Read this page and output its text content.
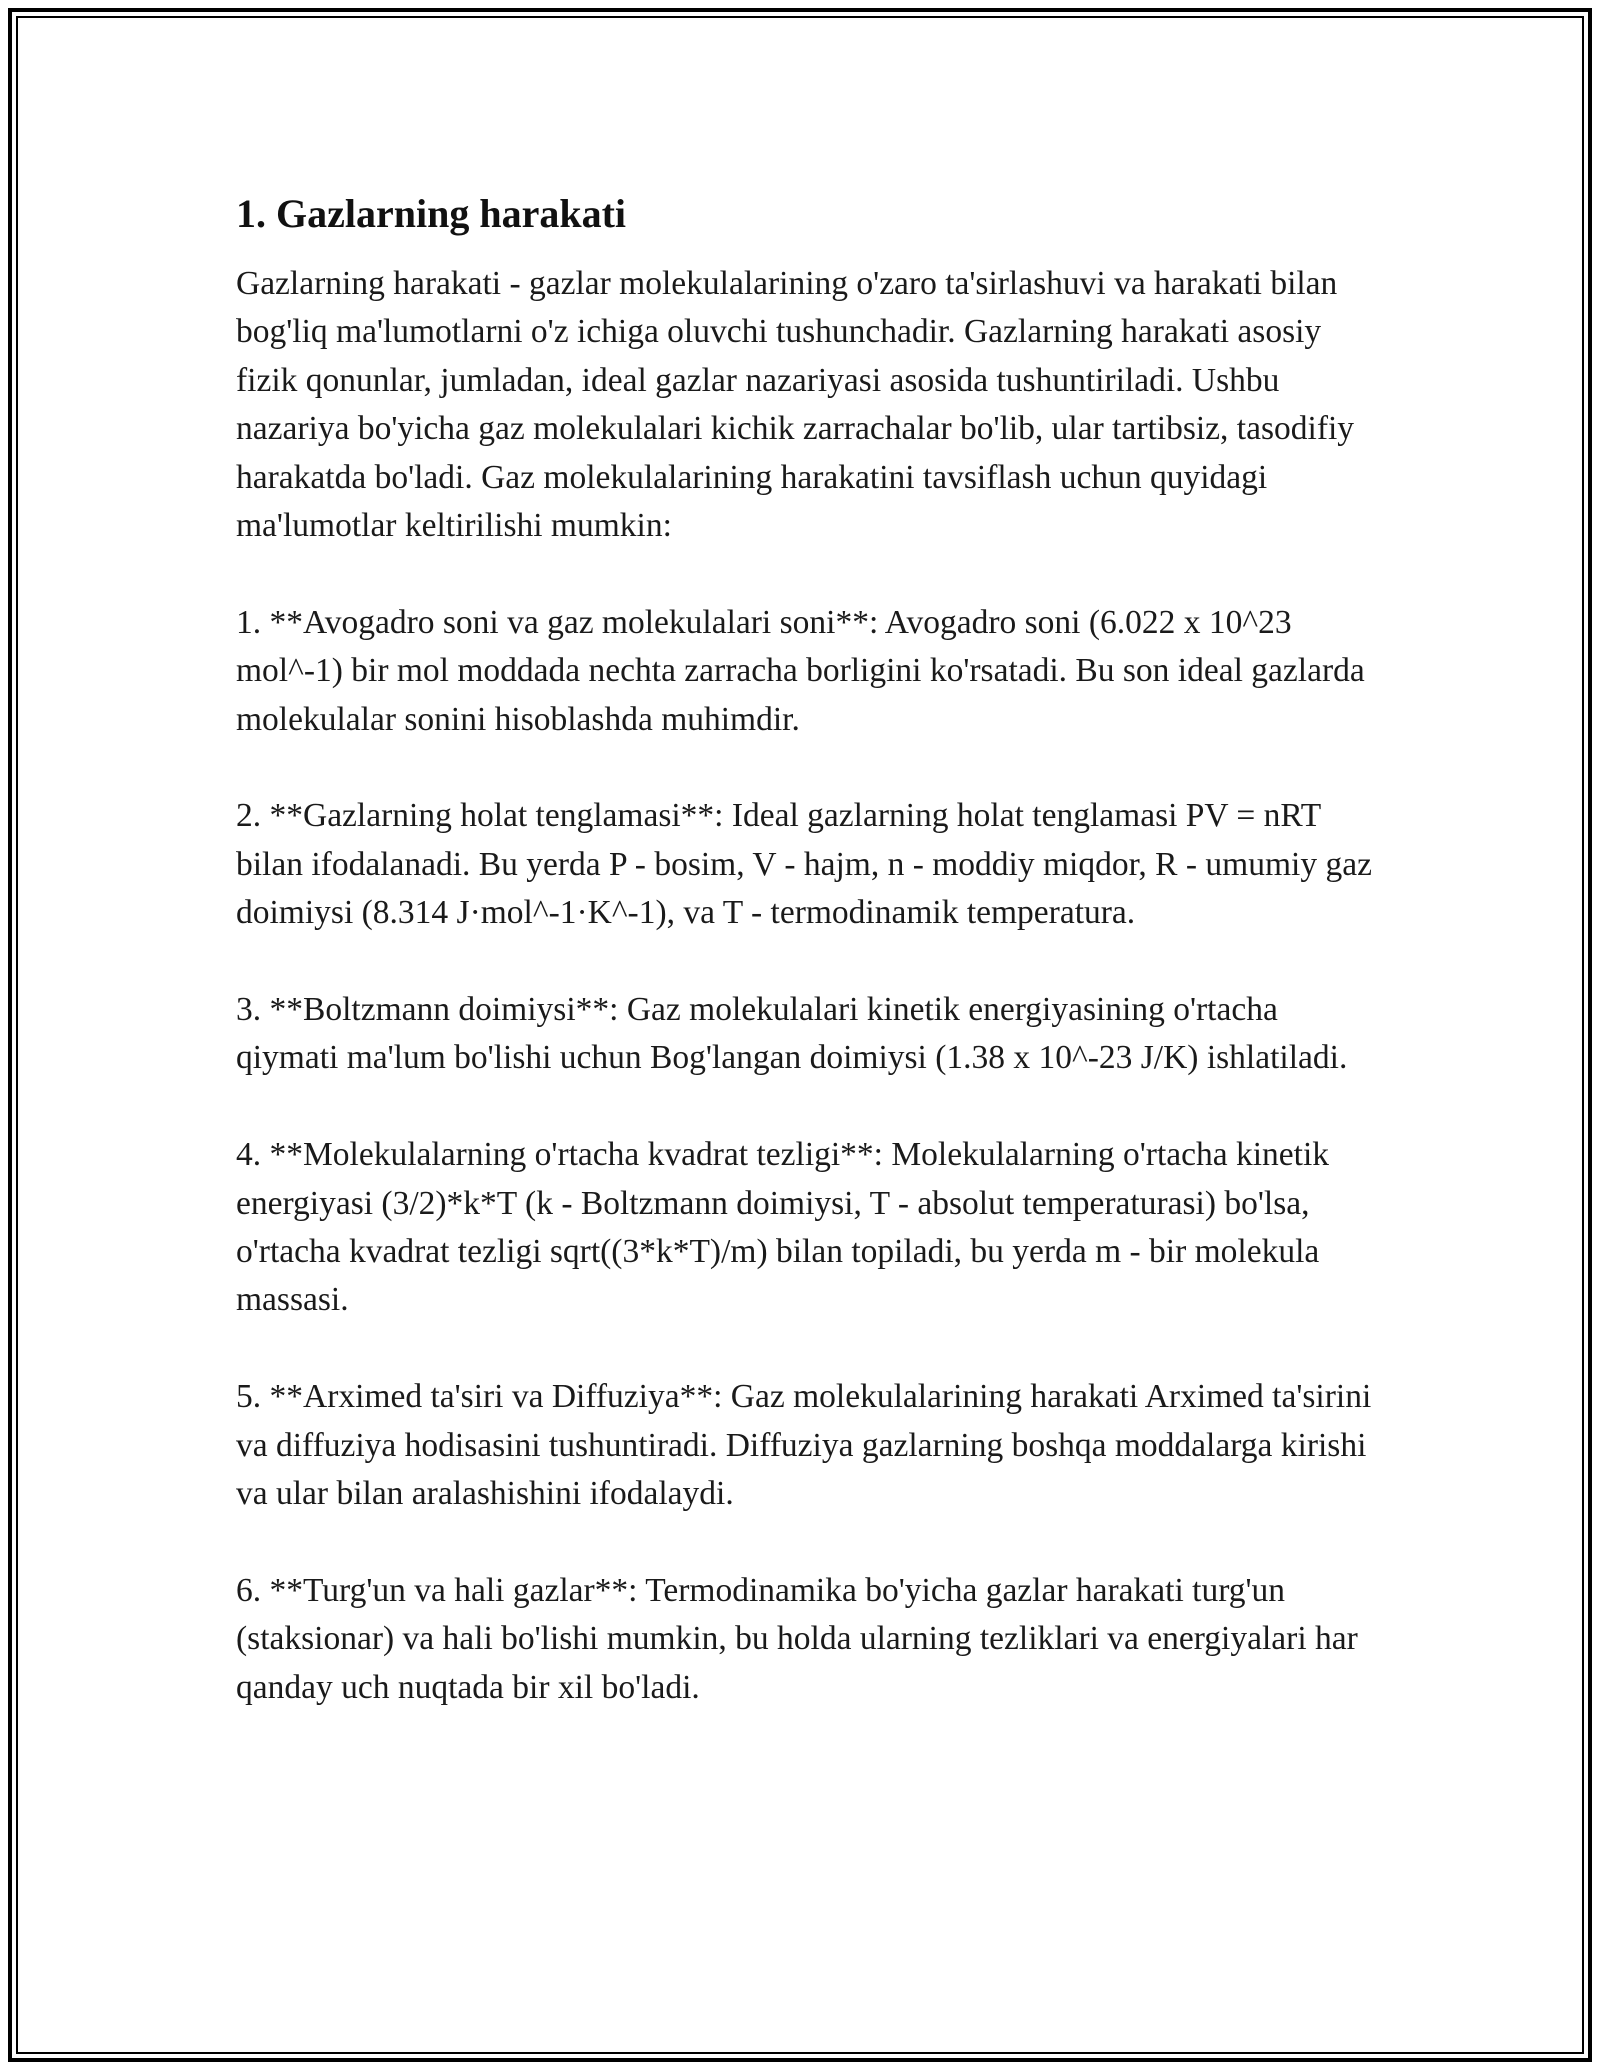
1. Gazlarning harakati

Gazlarning harakati - gazlar molekulalarining o'zaro ta'sirlashuvi va harakati bilan bog'liq ma'lumotlarni o'z ichiga oluvchi tushunchadir. Gazlarning harakati asosiy fizik qonunlar, jumladan, ideal gazlar nazariyasi asosida tushuntiriladi. Ushbu nazariya bo'yicha gaz molekulalari kichik zarrachalar bo'lib, ular tartibsiz, tasodifiy harakatda bo'ladi. Gaz molekulalarining harakatini tavsiflash uchun quyidagi ma'lumotlar keltirilishi mumkin:

1. **Avogadro soni va gaz molekulalari soni**: Avogadro soni (6.022 x 10^23 mol^-1) bir mol moddada nechta zarracha borligini ko'rsatadi. Bu son ideal gazlarda molekulalar sonini hisoblashda muhimdir.

2. **Gazlarning holat tenglamasi**: Ideal gazlarning holat tenglamasi PV = nRT bilan ifodalanadi. Bu yerda P - bosim, V - hajm, n - moddiy miqdor, R - umumiy gaz doimiysi (8.314 J·mol^-1·K^-1), va T - termodinamik temperatura.

3. **Boltzmann doimiysi**: Gaz molekulalari kinetik energiyasining o'rtacha qiymati ma'lum bo'lishi uchun Bog'langan doimiysi (1.38 x 10^-23 J/K) ishlatiladi.

4. **Molekulalarning o'rtacha kvadrat tezligi**: Molekulalarning o'rtacha kinetik energiyasi (3/2)*k*T (k - Boltzmann doimiysi, T - absolut temperaturasi) bo'lsa, o'rtacha kvadrat tezligi sqrt((3*k*T)/m) bilan topiladi, bu yerda m - bir molekula massasi.

5. **Arximed ta'siri va Diffuziya**: Gaz molekulalarining harakati Arximed ta'sirini va diffuziya hodisasini tushuntiradi. Diffuziya gazlarning boshqa moddalarga kirishi va ular bilan aralashishini ifodalaydi.

6. **Turg'un va hali gazlar**: Termodinamika bo'yicha gazlar harakati turg'un (staksionar) va hali bo'lishi mumkin, bu holda ularning tezliklari va energiyalari har qanday uch nuqtada bir xil bo'ladi.
